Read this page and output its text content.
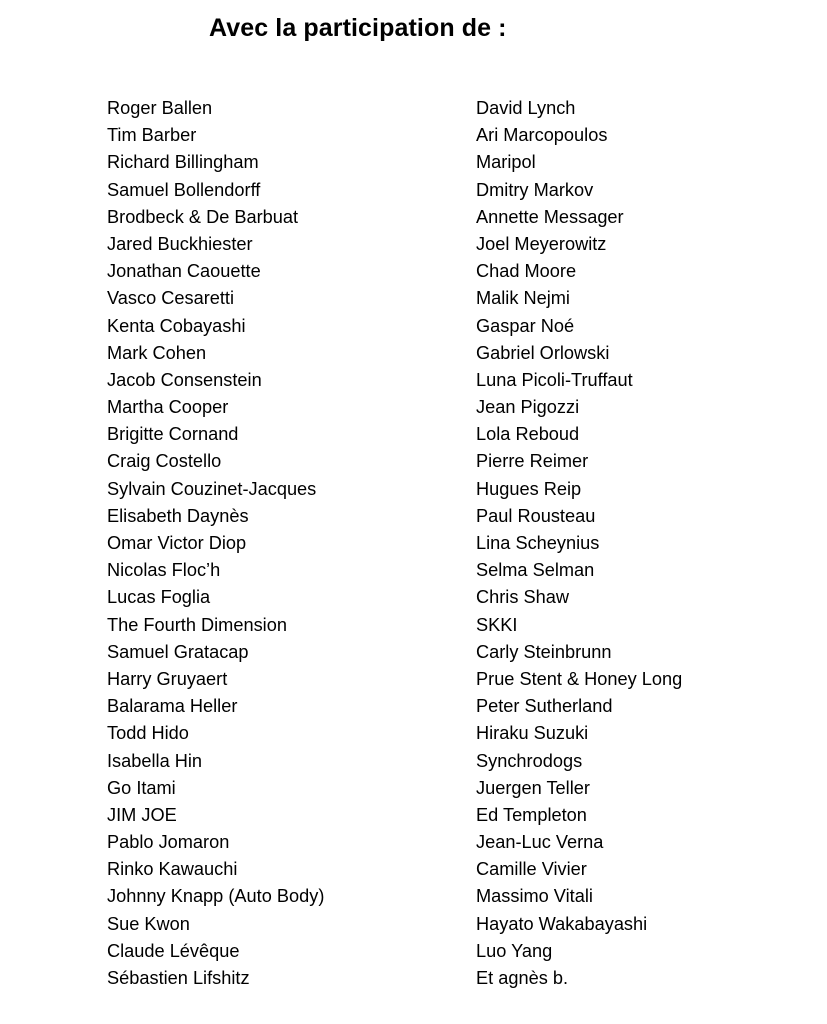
Avec la participation de :
Roger Ballen
Tim Barber
Richard Billingham
Samuel Bollendorff
Brodbeck & De Barbuat
Jared Buckhiester
Jonathan Caouette
Vasco Cesaretti
Kenta Cobayashi
Mark Cohen
Jacob Consenstein
Martha Cooper
Brigitte Cornand
Craig Costello
Sylvain Couzinet-Jacques
Elisabeth Daynès
Omar Victor Diop
Nicolas Floc’h
Lucas Foglia
The Fourth Dimension
Samuel Gratacap
Harry Gruyaert
Balarama Heller
Todd Hido
Isabella Hin
Go Itami
JIM JOE
Pablo Jomaron
Rinko Kawauchi
Johnny Knapp (Auto Body)
Sue Kwon
Claude Lévêque
Sébastien Lifshitz
David Lynch
Ari Marcopoulos
Maripol
Dmitry Markov
Annette Messager
Joel Meyerowitz
Chad Moore
Malik Nejmi
Gaspar Noé
Gabriel Orlowski
Luna Picoli-Truffaut
Jean Pigozzi
Lola Reboud
Pierre Reimer
Hugues Reip
Paul Rousteau
Lina Scheynius
Selma Selman
Chris Shaw
SKKI
Carly Steinbrunn
Prue Stent & Honey Long
Peter Sutherland
Hiraku Suzuki
Synchrodogs
Juergen Teller
Ed Templeton
Jean-Luc Verna
Camille Vivier
Massimo Vitali
Hayato Wakabayashi
Luo Yang
Et agnès b.
